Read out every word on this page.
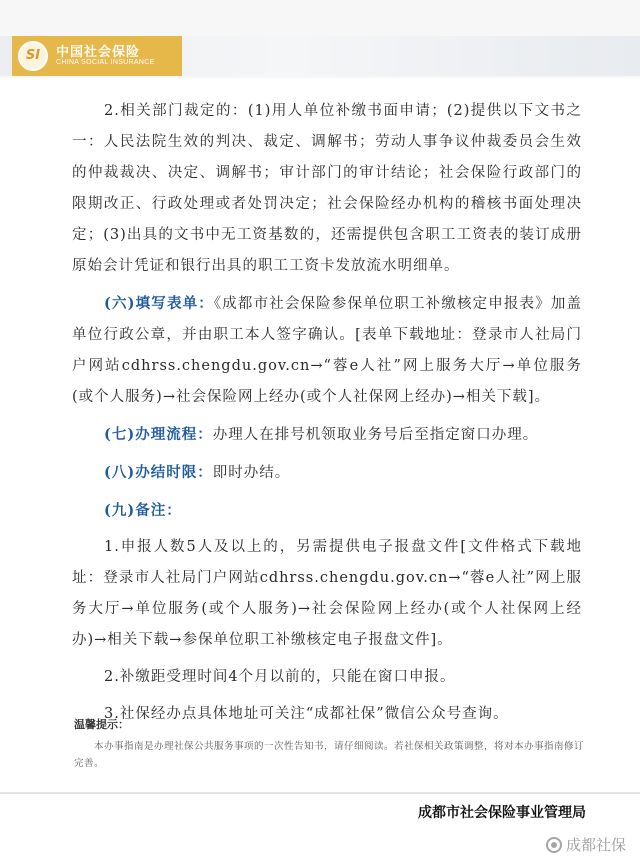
SI	中国社会保险
CHINA SOCIAL INSURANCE

2.相关部门裁定的：(1)用人单位补缴书面申请；(2)提供以下文书之一：人民法院生效的判决、裁定、调解书；劳动人事争议仲裁委员会生效的仲裁裁决、决定、调解书；审计部门的审计结论；社会保险行政部门的限期改正、行政处理或者处罚决定；社会保险经办机构的稽核书面处理决定；(3)出具的文书中无工资基数的，还需提供包含职工工资表的装订成册原始会计凭证和银行出具的职工工资卡发放流水明细单。

(六)填写表单：《成都市社会保险参保单位职工补缴核定申报表》加盖单位行政公章，并由职工本人签字确认。[表单下载地址：登录市人社局门户网站cdhrss.chengdu.gov.cn→“蓉e人社”网上服务大厅→单位服务(或个人服务)→社会保险网上经办(或个人社保网上经办)→相关下载]。

(七)办理流程：办理人在排号机领取业务号后至指定窗口办理。

(八)办结时限：即时办结。

(九)备注：

1.申报人数5人及以上的，另需提供电子报盘文件[文件格式下载地址：登录市人社局门户网站cdhrss.chengdu.gov.cn→“蓉e人社”网上服务大厅→单位服务(或个人服务)→社会保险网上经办(或个人社保网上经办)→相关下载→参保单位职工补缴核定电子报盘文件]。

2.补缴距受理时间4个月以前的，只能在窗口申报。

3.社保经办点具体地址可关注“成都社保”微信公众号查询。

温馨提示：

本办事指南是办理社保公共服务事项的一次性告知书，请仔细阅读。若社保相关政策调整，将对本办事指南修订完善。

成都市社会保险事业管理局
成都社保
